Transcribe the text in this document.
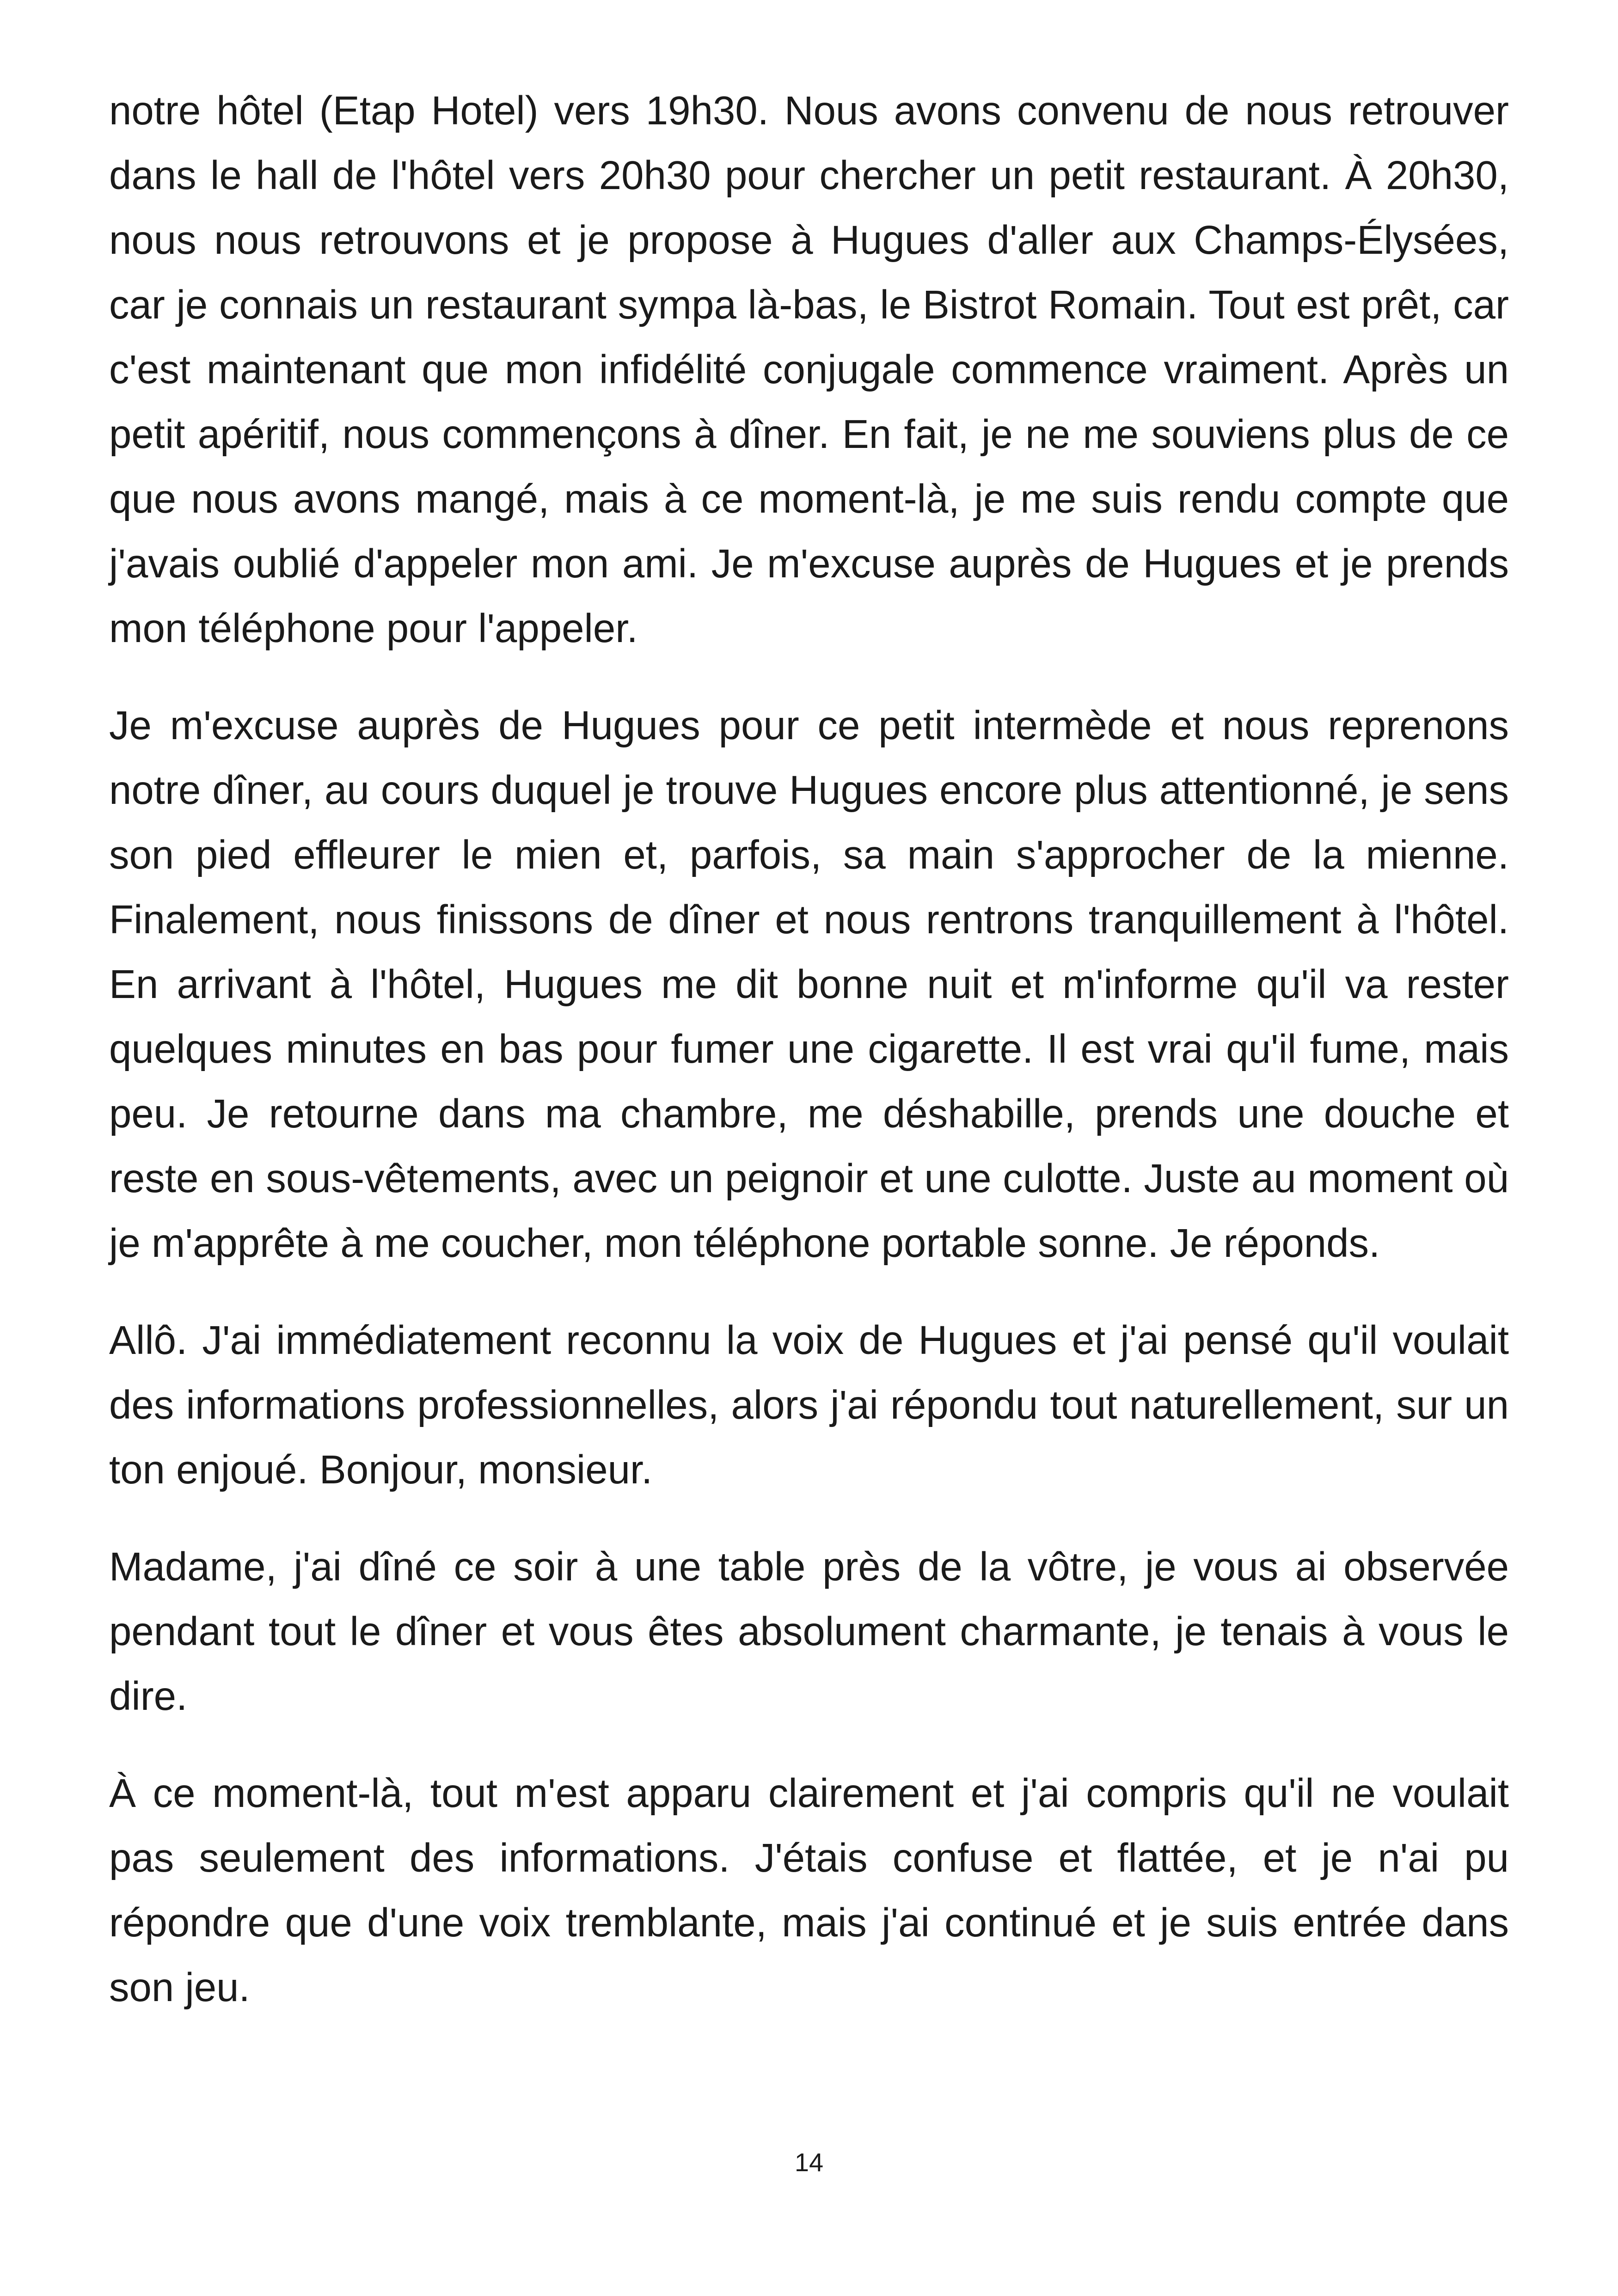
notre hôtel (Etap Hotel) vers 19h30. Nous avons convenu de nous retrouver dans le hall de l'hôtel vers 20h30 pour chercher un petit restaurant. À 20h30, nous nous retrouvons et je propose à Hugues d'aller aux Champs-Élysées, car je connais un restaurant sympa là-bas, le Bistrot Romain. Tout est prêt, car c'est maintenant que mon infidélité conjugale commence vraiment. Après un petit apéritif, nous commençons à dîner. En fait, je ne me souviens plus de ce que nous avons mangé, mais à ce moment-là, je me suis rendu compte que j'avais oublié d'appeler mon ami. Je m'excuse auprès de Hugues et je prends mon téléphone pour l'appeler.

Je m'excuse auprès de Hugues pour ce petit intermède et nous reprenons notre dîner, au cours duquel je trouve Hugues encore plus attentionné, je sens son pied effleurer le mien et, parfois, sa main s'approcher de la mienne. Finalement, nous finissons de dîner et nous rentrons tranquillement à l'hôtel. En arrivant à l'hôtel, Hugues me dit bonne nuit et m'informe qu'il va rester quelques minutes en bas pour fumer une cigarette. Il est vrai qu'il fume, mais peu. Je retourne dans ma chambre, me déshabille, prends une douche et reste en sous-vêtements, avec un peignoir et une culotte. Juste au moment où je m'apprête à me coucher, mon téléphone portable sonne. Je réponds.

Allô. J'ai immédiatement reconnu la voix de Hugues et j'ai pensé qu'il voulait des informations professionnelles, alors j'ai répondu tout naturellement, sur un ton enjoué. Bonjour, monsieur.

Madame, j'ai dîné ce soir à une table près de la vôtre, je vous ai observée pendant tout le dîner et vous êtes absolument charmante, je tenais à vous le dire.

À ce moment-là, tout m'est apparu clairement et j'ai compris qu'il ne voulait pas seulement des informations. J'étais confuse et flattée, et je n'ai pu répondre que d'une voix tremblante, mais j'ai continué et je suis entrée dans son jeu.

14
